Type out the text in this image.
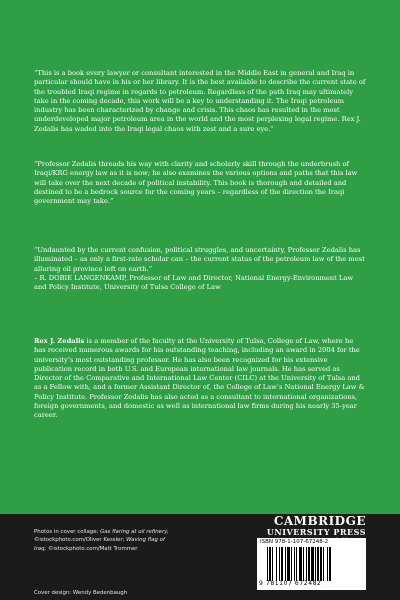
“This is a book every lawyer or consultant interested in the Middle East in general and Iraq in particular should have in his or her library. It is the best available to describe the current state of the troubled Iraqi regime in regards to petroleum. Regardless of the path Iraq may ultimately take in the coming decade, this work will be a key to understanding it. The Iraqi petroleum industry has been characterized by change and crisis. This chaos has resulted in the most underdeveloped major petroleum area in the world and the most perplexing legal regime. Rex J. Zedalis has waded into the Iraqi legal chaos with zest and a sure eye.”

“Professor Zedalis threads his way with clarity and scholarly skill through the underbrush of Iraqi/KRG energy law as it is now; he also examines the various options and paths that this law will take over the next decade of political instability. This book is thorough and detailed and destined to be a bedrock source for the coming years – regardless of the direction the Iraqi government may take.”

“Undaunted by the current confusion, political struggles, and uncertainty, Professor Zedalis has illuminated – as only a first-rate scholar can – the current status of the petroleum law of the most alluring oil province left on earth.”

– R. DOBIE LANGENKAMP, Professor of Law and Director, National Energy-Environment Law and Policy Institute, University of Tulsa College of Law

Rex J. Zedalis is a member of the faculty at the University of Tulsa, College of Law, where he has received numerous awards for his outstanding teaching, including an award in 2004 for the university’s most outstanding professor. He has also been recognized for his extensive publication record in both U.S. and European international law journals. He has served as Director of the Comparative and International Law Center (CILC) at the University of Tulsa and as a Fellow with, and a former Assistant Director of, the College of Law’s National Energy Law & Policy Institute. Professor Zedalis has also acted as a consultant to international organizations, foreign governments, and domestic as well as international law firms during his nearly 35-year career.

Photos in cover collage: Gas flaring at oil refinery,
©istockphoto.com/Oliver Kessler; Waving flag of
Iraq, ©istockphoto.com/Matt Trommer
Cover design: Wendy Bedenbaugh
CAMBRIDGE
UNIVERSITY PRESS
ISBN 978-1-107-67248-2
9 781107 672482
